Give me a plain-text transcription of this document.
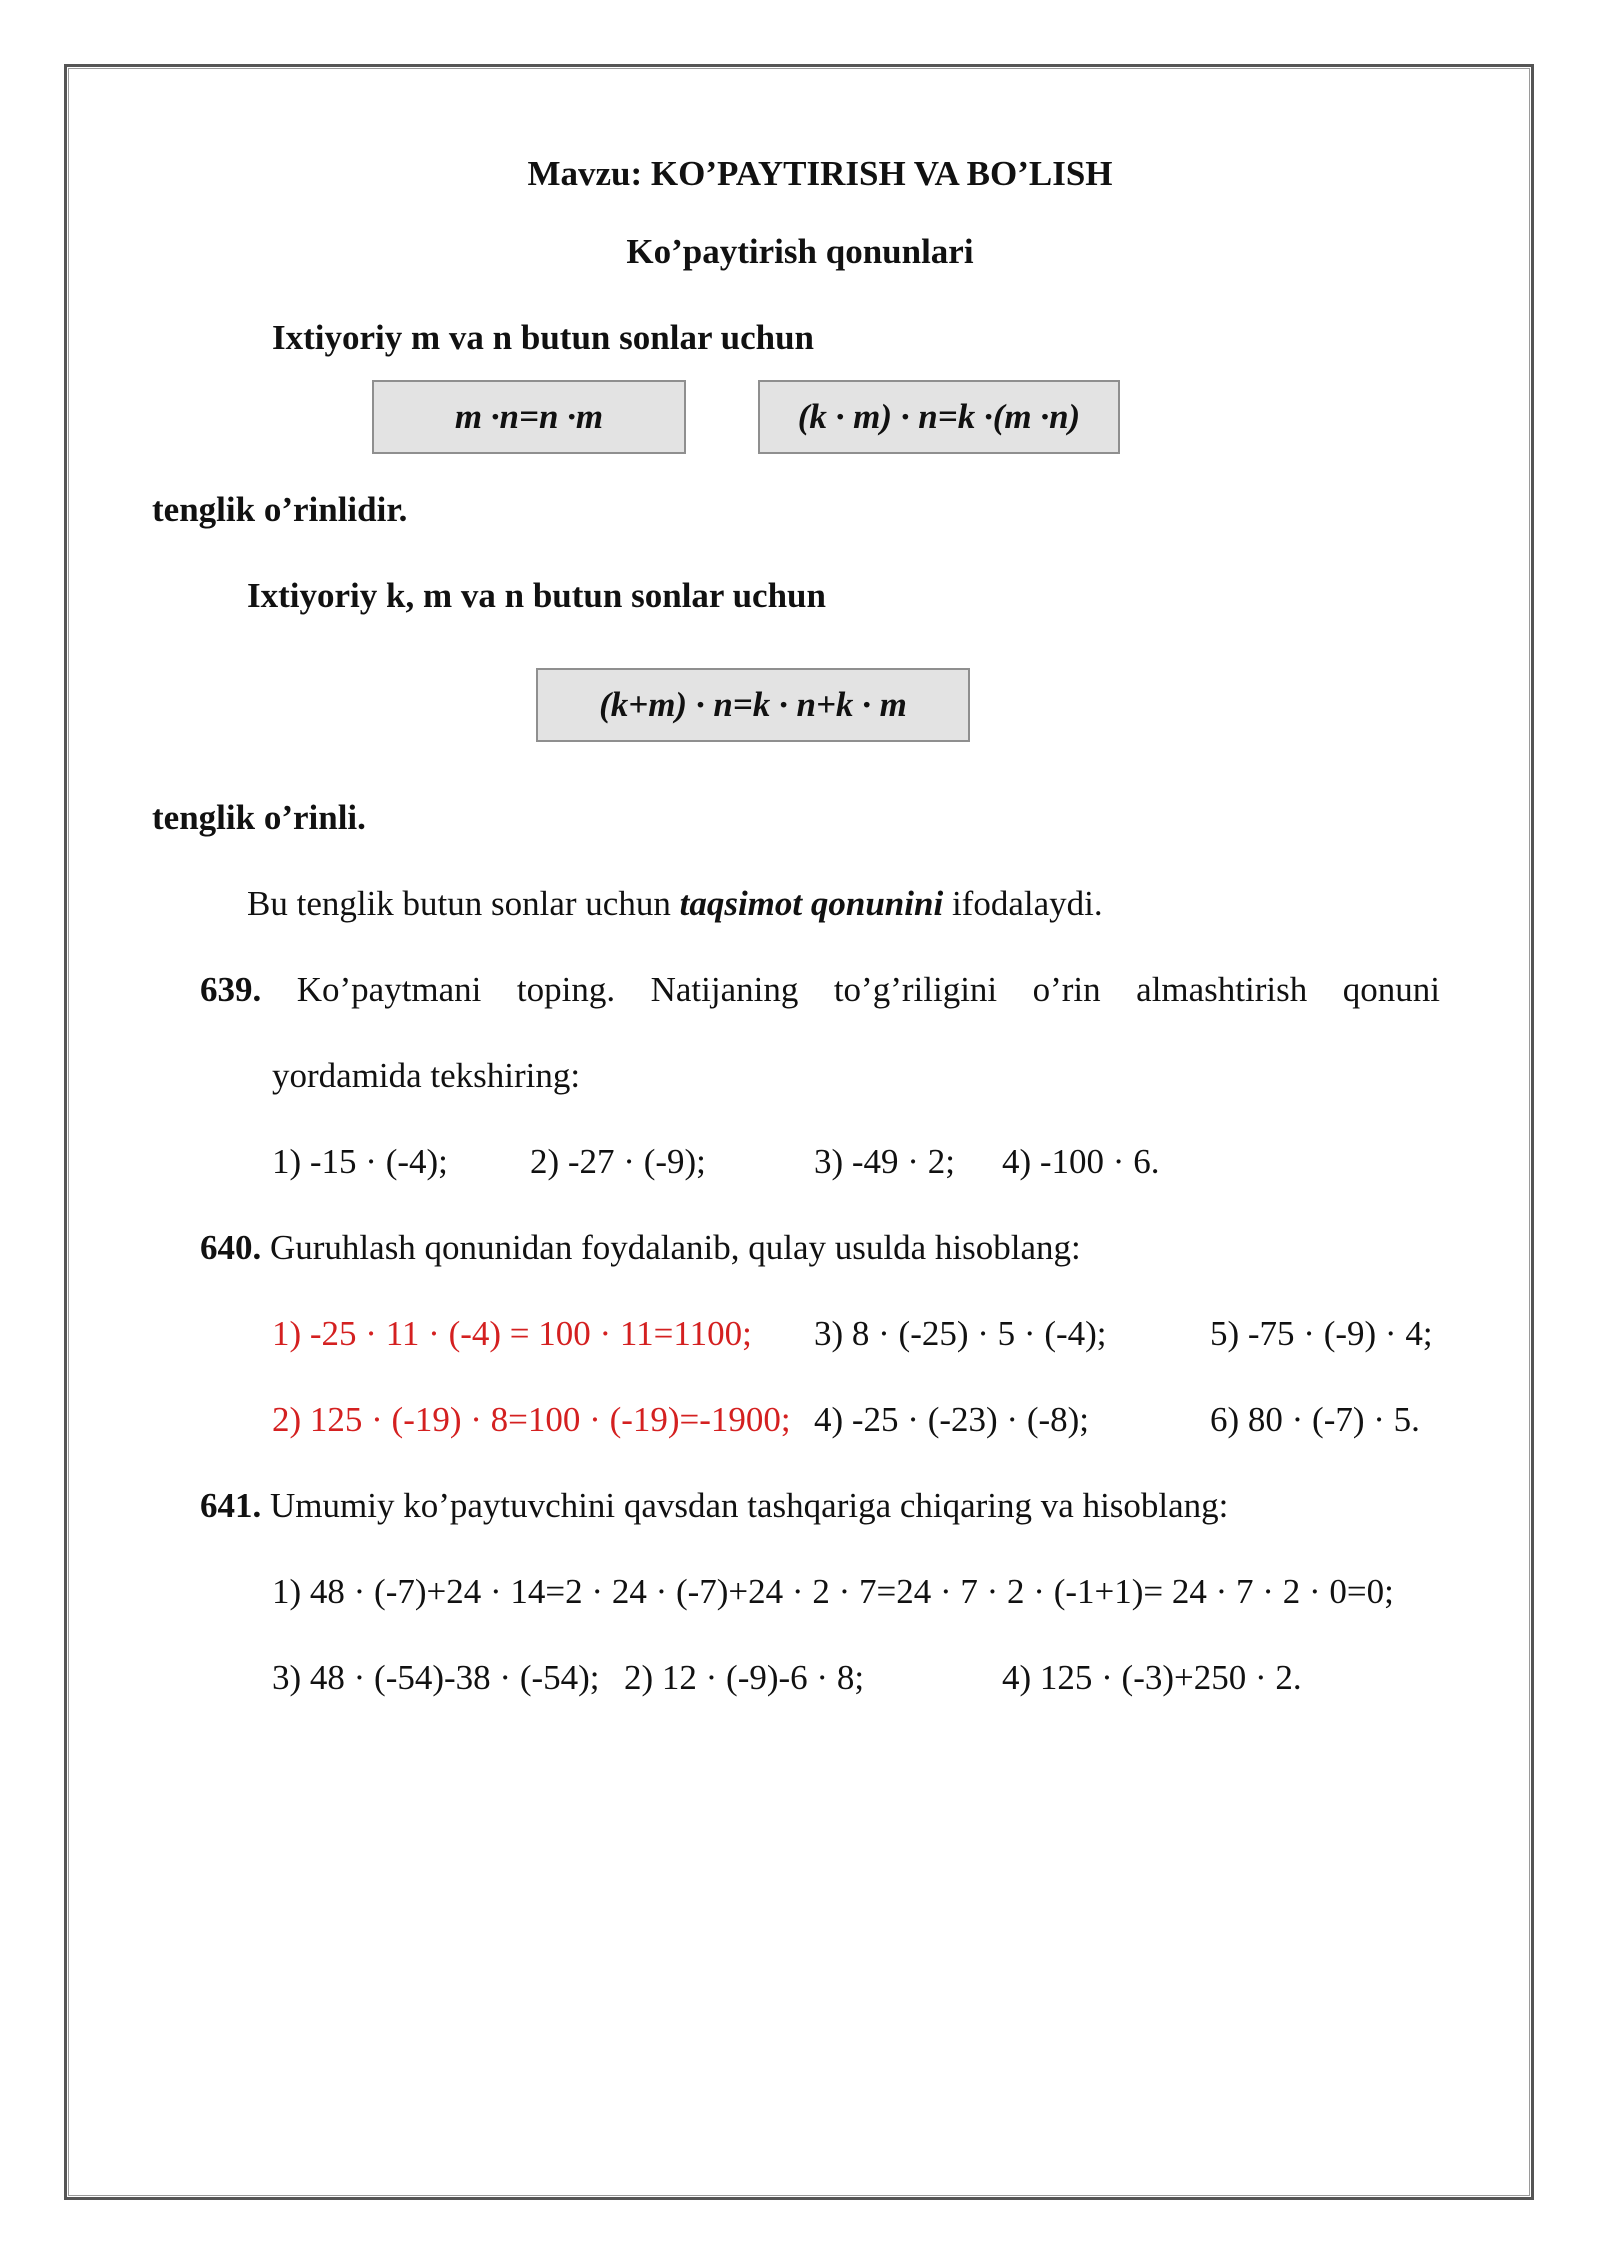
Mavzu: KO’PAYTIRISH VA BO’LISH
Ko’paytirish qonunlari
Ixtiyoriy m va n butun sonlar uchun
m ·n=n ·m	(k · m) · n=k ·(m ·n)
tenglik o’rinlidir.
Ixtiyoriy k, m va n butun sonlar uchun
(k+m) · n=k · n+k · m
tenglik o’rinli.
Bu tenglik butun sonlar uchun taqsimot qonunini ifodalaydi.
639. Ko’paytmani toping. Natijaning to’g’riligini o’rin almashtirish qonuni
yordamida tekshiring:
1) -15 · (-4); 2) -27 · (-9);	3) -49 · 2; 4) -100 · 6.
640. Guruhlash qonunidan foydalanib, qulay usulda hisoblang:
1) -25 · 11 · (-4) = 100 · 11=1100; 3) 8 · (-25) · 5 · (-4);	5) -75 · (-9) · 4;
2) 125 · (-19) · 8=100 · (-19)=-1900; 4) -25 · (-23) · (-8);	6) 80 · (-7) · 5.
641. Umumiy ko’paytuvchini qavsdan tashqariga chiqaring va hisoblang:
1) 48 · (-7)+24 · 14=2 · 24 · (-7)+24 · 2 · 7=24 · 7 · 2 · (-1+1)= 24 · 7 · 2 · 0=0;
3) 48 · (-54)-38 · (-54); 2) 12 · (-9)-6 · 8;	4) 125 · (-3)+250 · 2.
